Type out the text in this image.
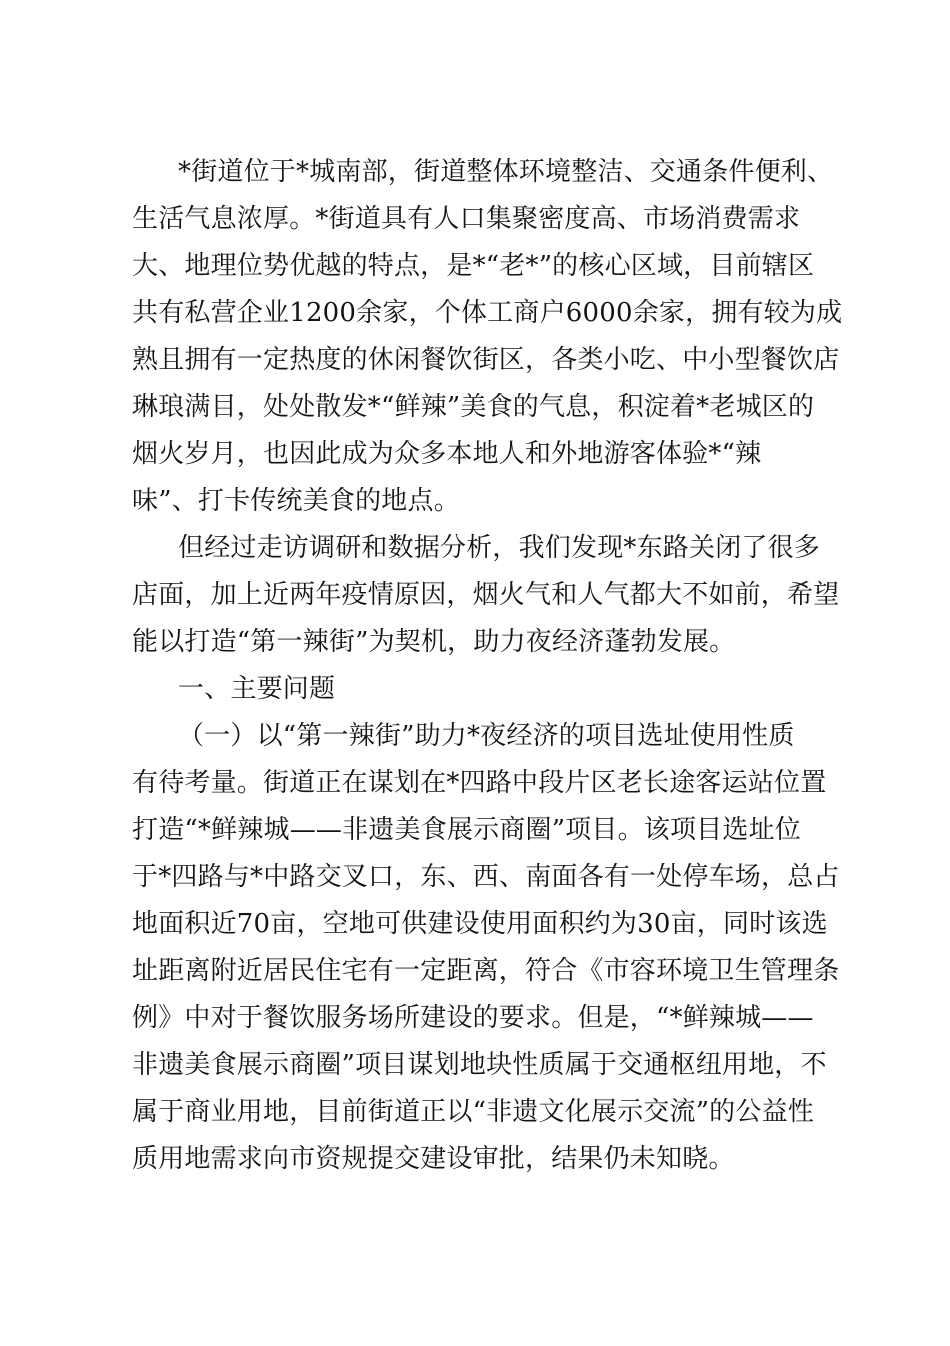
*街道位于*城南部，街道整体环境整洁、交通条件便利、
生活气息浓厚。*街道具有人口集聚密度高、市场消费需求
大、地理位势优越的特点，是*“老*”的核心区域，目前辖区
共有私营企业1200余家，个体工商户6000余家，拥有较为成
熟且拥有一定热度的休闲餐饮街区，各类小吃、中小型餐饮店
琳琅满目，处处散发*“鲜辣”美食的气息，积淀着*老城区的
烟火岁月，也因此成为众多本地人和外地游客体验*“辣
味”、打卡传统美食的地点。
但经过走访调研和数据分析，我们发现*东路关闭了很多
店面，加上近两年疫情原因，烟火气和人气都大不如前，希望
能以打造“第一辣街”为契机，助力夜经济蓬勃发展。
一、主要问题
（一）以“第一辣街”助力*夜经济的项目选址使用性质
有待考量。街道正在谋划在*四路中段片区老长途客运站位置
打造“*鲜辣城——非遗美食展示商圈”项目。该项目选址位
于*四路与*中路交叉口，东、西、南面各有一处停车场，总占
地面积近70亩，空地可供建设使用面积约为30亩，同时该选
址距离附近居民住宅有一定距离，符合《市容环境卫生管理条
例》中对于餐饮服务场所建设的要求。但是，“*鲜辣城——
非遗美食展示商圈”项目谋划地块性质属于交通枢纽用地，不
属于商业用地，目前街道正以“非遗文化展示交流”的公益性
质用地需求向市资规提交建设审批，结果仍未知晓。
